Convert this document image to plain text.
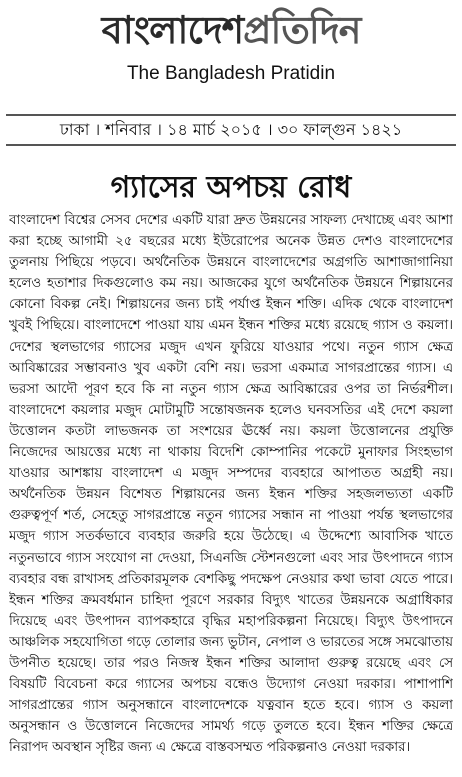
বাংলাদেশপ্রতিদিন
The Bangladesh Pratidin
ঢাকা । শনিবার । ১৪ মার্চ ২০১৫ । ৩০ ফাল্গুন ১৪২১
গ্যাসের অপচয় রোধ

বাংলাদেশ বিশ্বের সেসব দেশের একটি যারা দ্রুত উন্নয়নের সাফল্য দেখাচ্ছে এবং আশা করা হচ্ছে আগামী ২৫ বছরের মধ্যে ইউরোপের অনেক উন্নত দেশও বাংলাদেশের তুলনায় পিছিয়ে পড়বে। অর্থনৈতিক উন্নয়নে বাংলাদেশের অগ্রগতি আশাজাগানিয়া হলেও হতাশার দিকগুলোও কম নয়। আজকের যুগে অর্থনৈতিক উন্নয়নে শিল্পায়নের কোনো বিকল্প নেই। শিল্পায়নের জন্য চাই পর্যাপ্ত ইন্ধন শক্তি। এদিক থেকে বাংলাদেশ খুবই পিছিয়ে। বাংলাদেশে পাওয়া যায় এমন ইন্ধন শক্তির মধ্যে রয়েছে গ্যাস ও কয়লা। দেশের স্থলভাগের গ্যাসের মজুদ এখন ফুরিয়ে যাওয়ার পথে। নতুন গ্যাস ক্ষেত্র আবিষ্কারের সম্ভাবনাও খুব একটা বেশি নয়। ভরসা একমাত্র সাগরপ্রান্তের গ্যাস। এ ভরসা আদৌ পূরণ হবে কি না নতুন গ্যাস ক্ষেত্র আবিষ্কারের ওপর তা নির্ভরশীল। বাংলাদেশে কয়লার মজুদ মোটামুটি সন্তোষজনক হলেও ঘনবসতির এই দেশে কয়লা উত্তোলন কতটা লাভজনক তা সংশয়ের ঊর্ধ্বে নয়। কয়লা উত্তোলনের প্রযুক্তি নিজেদের আয়ত্তের মধ্যে না থাকায় বিদেশি কোম্পানির পকেটে মুনাফার সিংহভাগ যাওয়ার আশঙ্কায় বাংলাদেশ এ মজুদ সম্পদের ব্যবহারে আপাতত অগ্রহী নয়। অর্থনৈতিক উন্নয়ন বিশেষত শিল্পায়নের জন্য ইন্ধন শক্তির সহজলভ্যতা একটি গুরুত্বপূর্ণ শর্ত, সেহেতু সাগরপ্রান্তে নতুন গ্যাসের সন্ধান না পাওয়া পর্যন্ত স্থলভাগের মজুদ গ্যাস সতর্কভাবে ব্যবহার জরুরি হয়ে উঠেছে। এ উদ্দেশ্যে আবাসিক খাতে নতুনভাবে গ্যাস সংযোগ না দেওয়া, সিএনজি স্টেশনগুলো এবং সার উৎপাদনে গ্যাস ব্যবহার বন্ধ রাখাসহ প্রতিকারমূলক বেশকিছু পদক্ষেপ নেওয়ার কথা ভাবা যেতে পারে। ইন্ধন শক্তির ক্রমবর্ধমান চাহিদা পূরণে সরকার বিদ্যুৎ খাতের উন্নয়নকে অগ্রাধিকার দিয়েছে এবং উৎপাদন ব্যাপকহারে বৃদ্ধির মহাপরিকল্পনা নিয়েছে। বিদ্যুৎ উৎপাদনে আঞ্চলিক সহযোগিতা গড়ে তোলার জন্য ভুটান, নেপাল ও ভারতের সঙ্গে সমঝোতায় উপনীত হয়েছে। তার পরও নিজস্ব ইন্ধন শক্তির আলাদা গুরুত্ব রয়েছে এবং সে বিষয়টি বিবেচনা করে গ্যাসের অপচয় বন্ধেও উদ্যোগ নেওয়া দরকার। পাশাপাশি সাগরপ্রান্তের গ্যাস অনুসন্ধানে বাংলাদেশকে যত্নবান হতে হবে। গ্যাস ও কয়লা অনুসন্ধান ও উত্তোলনে নিজেদের সামর্থ্য গড়ে তুলতে হবে। ইন্ধন শক্তির ক্ষেত্রে নিরাপদ অবস্থান সৃষ্টির জন্য এ ক্ষেত্রে বাস্তবসম্মত পরিকল্পনাও নেওয়া দরকার।
